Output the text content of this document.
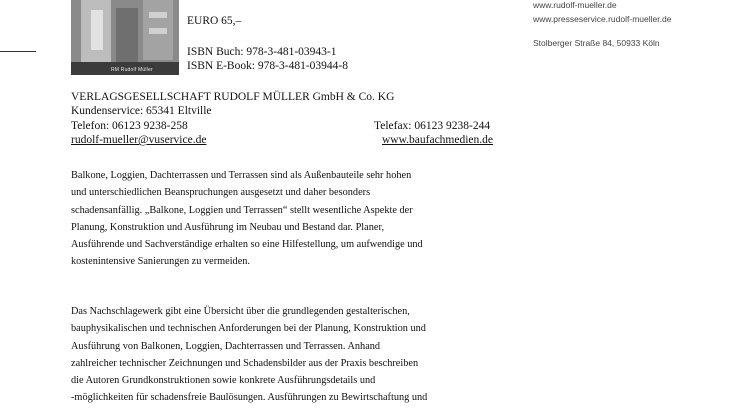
RM Rudolf Müller
EURO 65,–
ISBN Buch: 978-3-481-03943-1
ISBN E-Book: 978-3-481-03944-8
www.rudolf-mueller.de
www.presseservice.rudolf-mueller.de
Stolberger Straße 84, 50933 Köln
VERLAGSGESELLSCHAFT RUDOLF MÜLLER GmbH & Co. KG
Kundenservice: 65341 Eltville
Telefon: 06123 9238-258	Telefax: 06123 9238-244
rudolf-mueller@vuservice.de	www.baufachmedien.de
Balkone, Loggien, Dachterrassen und Terrassen sind als Außenbauteile sehr hohen
und unterschiedlichen Beanspruchungen ausgesetzt und daher besonders
schadensanfällig. „Balkone, Loggien und Terrassen“ stellt wesentliche Aspekte der
Planung, Konstruktion und Ausführung im Neubau und Bestand dar. Planer,
Ausführende und Sachverständige erhalten so eine Hilfestellung, um aufwendige und
kostenintensive Sanierungen zu vermeiden.
Das Nachschlagewerk gibt eine Übersicht über die grundlegenden gestalterischen,
bauphysikalischen und technischen Anforderungen bei der Planung, Konstruktion und
Ausführung von Balkonen, Loggien, Dachterrassen und Terrassen. Anhand
zahlreicher technischer Zeichnungen und Schadensbilder aus der Praxis beschreiben
die Autoren Grundkonstruktionen sowie konkrete Ausführungsdetails und
-möglichkeiten für schadensfreie Baulösungen. Ausführungen zu Bewirtschaftung und
